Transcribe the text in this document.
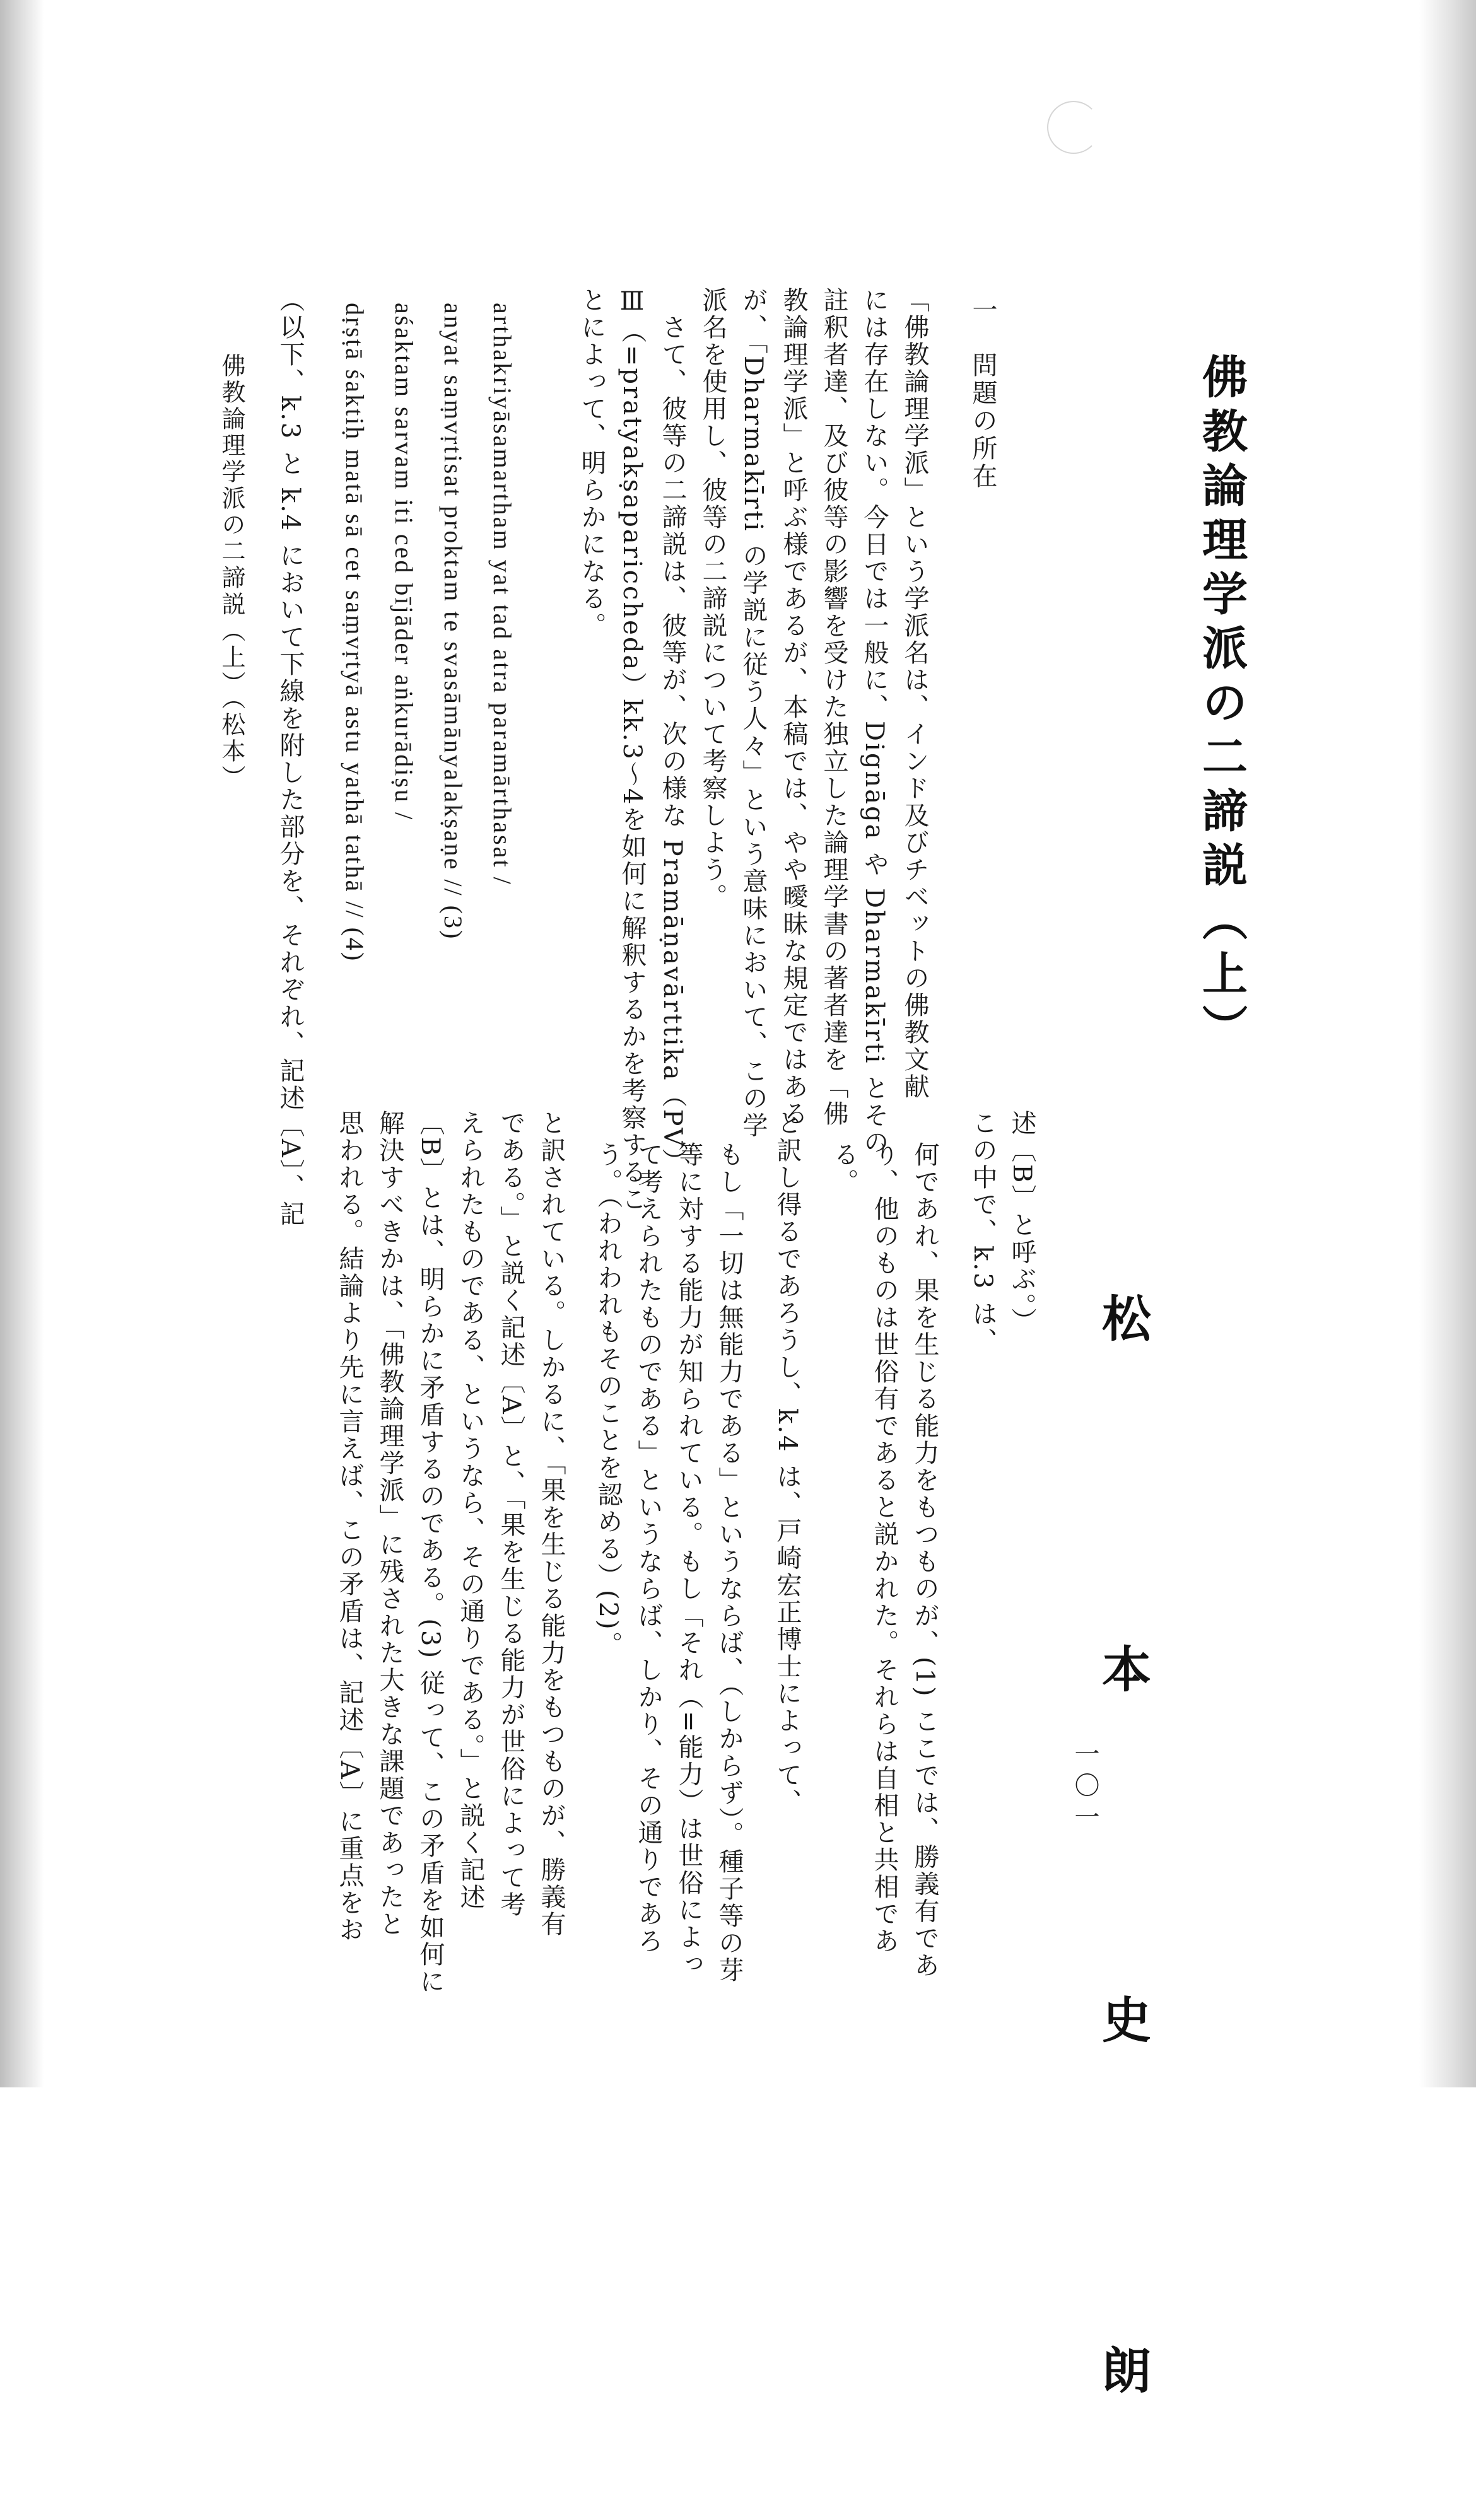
佛教論理学派の二諦説（上）
松　本　史　朗
一　問題の所在
「佛教論理学派」という学派名は、インド及びチベットの佛教文献
には存在しない。今日では一般に、Dignāga や Dharmakīrti とその
註釈者達、及び彼等の影響を受けた独立した論理学書の著者達を「佛
教論理学派」と呼ぶ様であるが、本稿では、やや曖昧な規定ではある
が、「Dharmakīrti の学説に従う人々」という意味において、この学
派名を使用し、彼等の二諦説について考察しよう。
　さて、彼等の二諦説は、彼等が、次の様な Pramāṇavārttika（PV）
Ⅲ（=pratyakṣapariccheda）kk.3～4を如何に解釈するかを考察するこ
とによって、明らかになる。
arthakriyāsamartham yat tad atra paramārthasat /
anyat saṃvṛtisat proktam te svasāmānyalakṣaṇe // (3)
aśaktam sarvam iti ced bījāder aṅkurādiṣu /
dṛṣṭā śaktiḥ matā sā cet saṃvṛtyā astu yathā tathā // (4)
（以下、k.3 と k.4 において下線を附した部分を、それぞれ、記述〔A〕、記
佛教論理学派の二諦説（上）（松本）
述〔B〕と呼ぶ。）
この中で、k.3 は、
何であれ、果を生じる能力をもつものが、(1) ここでは、勝義有であ
り、他のものは世俗有であると説かれた。それらは自相と共相であ
る。
と訳し得るであろうし、k.4 は、戸崎宏正博士によって、
もし「一切は無能力である」というならば、（しからず）。種子等の芽
等に対する能力が知られている。もし「それ（=能力）は世俗によっ
て考えられたものである」というならば、しかり、その通りであろ
う。（われわれもそのことを認める）(2)。
と訳されている。しかるに、「果を生じる能力をもつものが、勝義有
である。」と説く記述〔A〕と、「果を生じる能力が世俗によって考
えられたものである、というなら、その通りである。」と説く記述
〔B〕とは、明らかに矛盾するのである。(3) 従って、この矛盾を如何に
解決すべきかは、「佛教論理学派」に残された大きな課題であったと
思われる。結論より先に言えば、この矛盾は、記述〔A〕に重点をお	一〇一
